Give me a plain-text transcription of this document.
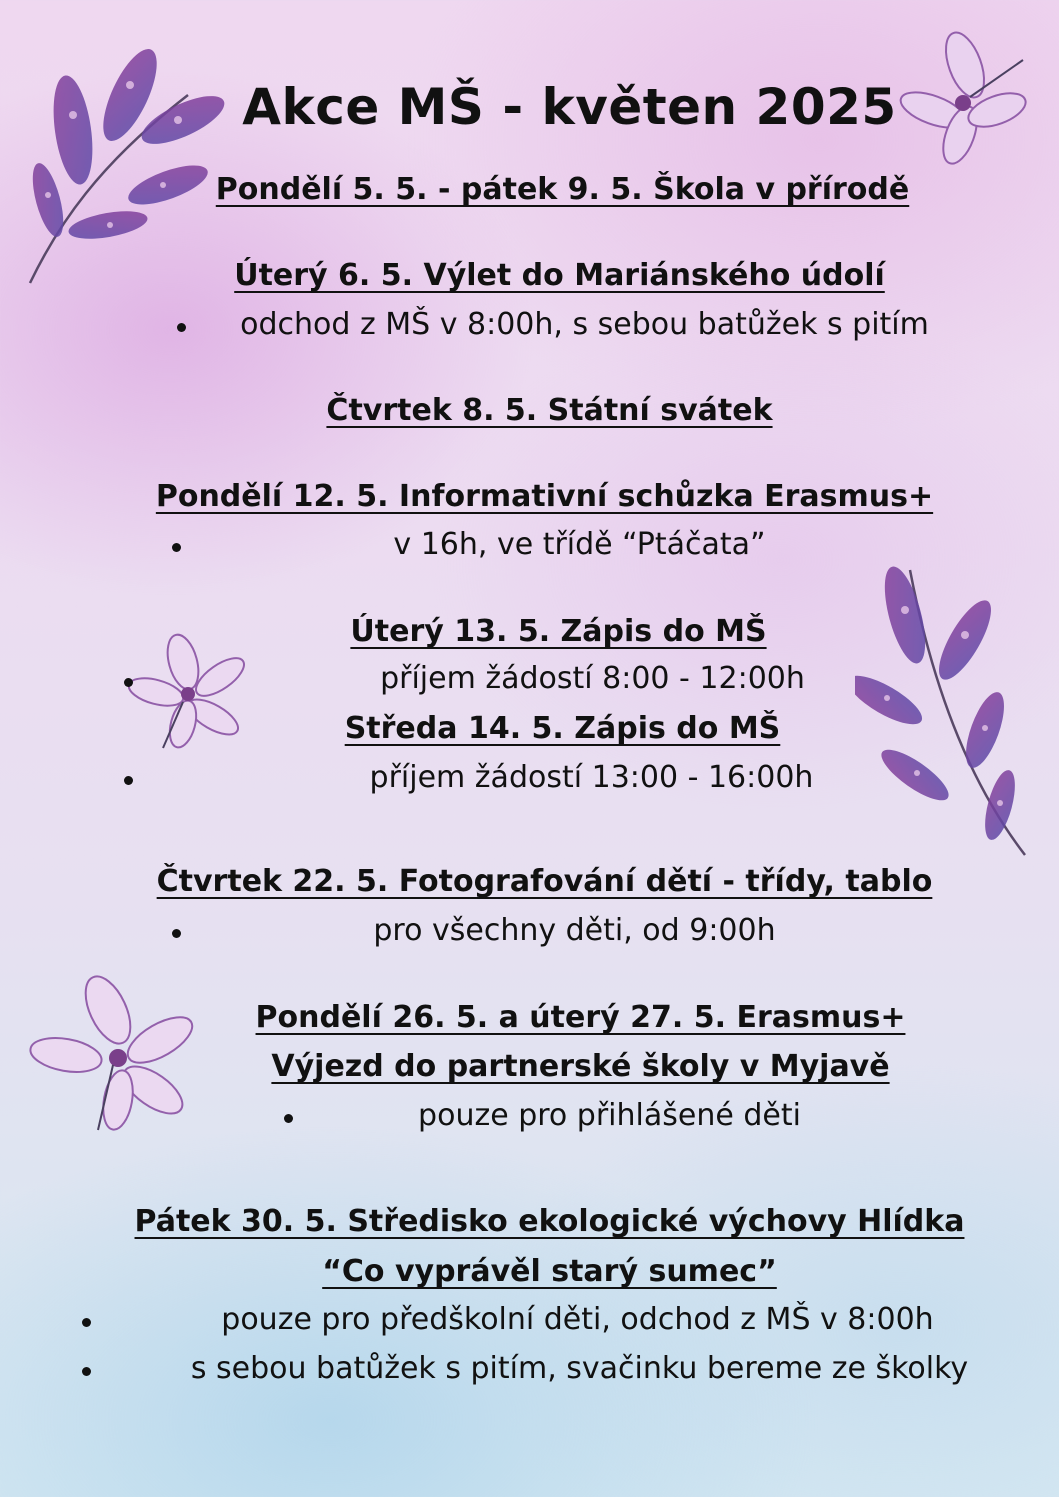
Akce MŠ - květen 2025
Pondělí 5. 5. - pátek 9. 5. Škola v přírodě
Úterý 6. 5. Výlet do Mariánského údolí
odchod z MŠ v 8:00h, s sebou batůžek s pitím
Čtvrtek 8. 5. Státní svátek
Pondělí 12. 5. Informativní schůzka Erasmus+
v 16h, ve třídě “Ptáčata”
Úterý 13. 5. Zápis do MŠ
příjem žádostí 8:00 - 12:00h
Středa 14. 5. Zápis do MŠ
příjem žádostí 13:00 - 16:00h
Čtvrtek 22. 5. Fotografování dětí - třídy, tablo
pro všechny děti, od 9:00h
Pondělí 26. 5. a úterý 27. 5. Erasmus+
Výjezd do partnerské školy v Myjavě
pouze pro přihlášené děti
Pátek 30. 5. Středisko ekologické výchovy Hlídka
“Co vyprávěl starý sumec”
pouze pro předškolní děti, odchod z MŠ v 8:00h
s sebou batůžek s pitím, svačinku bereme ze školky
